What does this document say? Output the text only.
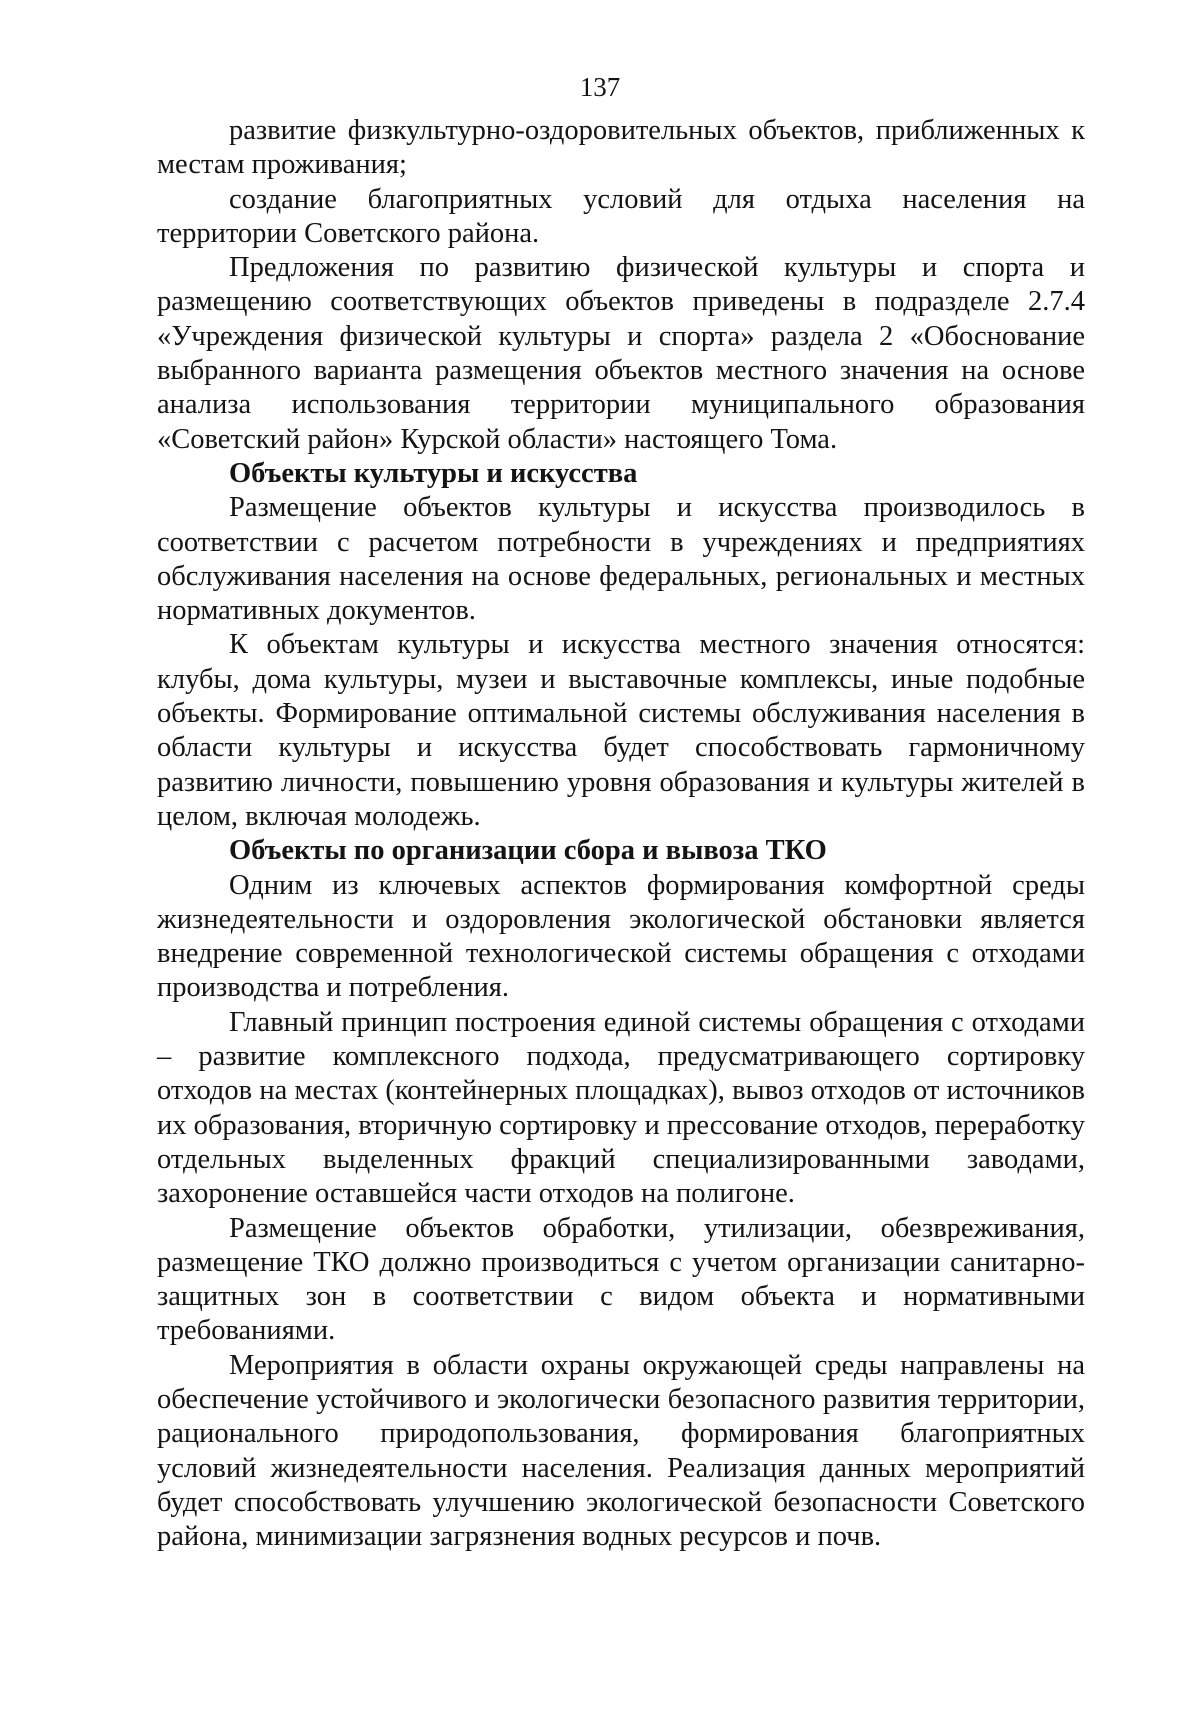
137

развитие физкультурно-оздоровительных объектов, приближенных к местам проживания;

создание благоприятных условий для отдыха населения на территории Советского района.

Предложения по развитию физической культуры и спорта и размещению соответствующих объектов приведены в подразделе 2.7.4 «Учреждения физической культуры и спорта» раздела 2 «Обоснование выбранного варианта размещения объектов местного значения на основе анализа использования территории муниципального образования «Советский район» Курской области» настоящего Тома.

Объекты культуры и искусства

Размещение объектов культуры и искусства производилось в соответствии с расчетом потребности в учреждениях и предприятиях обслуживания населения на основе федеральных, региональных и местных нормативных документов.

К объектам культуры и искусства местного значения относятся: клубы, дома культуры, музеи и выставочные комплексы, иные подобные объекты. Формирование оптимальной системы обслуживания населения в области культуры и искусства будет способствовать гармоничному развитию личности, повышению уровня образования и культуры жителей в целом, включая молодежь.

Объекты по организации сбора и вывоза ТКО

Одним из ключевых аспектов формирования комфортной среды жизнедеятельности и оздоровления экологической обстановки является внедрение современной технологической системы обращения с отходами производства и потребления.

Главный принцип построения единой системы обращения с отходами – развитие комплексного подхода, предусматривающего сортировку отходов на местах (контейнерных площадках), вывоз отходов от источников их образования, вторичную сортировку и прессование отходов, переработку отдельных выделенных фракций специализированными заводами, захоронение оставшейся части отходов на полигоне.

Размещение объектов обработки, утилизации, обезвреживания, размещение ТКО должно производиться с учетом организации санитарно-защитных зон в соответствии с видом объекта и нормативными требованиями.

Мероприятия в области охраны окружающей среды направлены на обеспечение устойчивого и экологически безопасного развития территории, рационального природопользования, формирования благоприятных условий жизнедеятельности населения. Реализация данных мероприятий будет способствовать улучшению экологической безопасности Советского района, минимизации загрязнения водных ресурсов и почв.
